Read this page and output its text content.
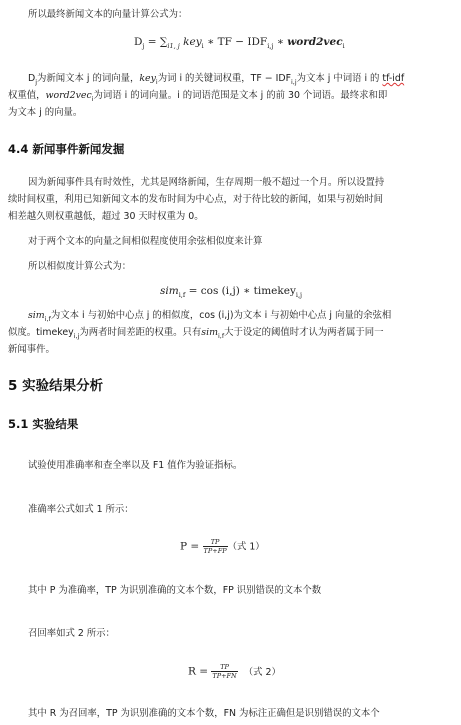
所以最终新闻文本的向量计算公式为：
$D_j = \sum_{i1, j}$ key$_i$ ∗ TF − $IDF_{i,j}$ ∗ word2vec$_i$
$D_j$为新闻文本 j 的词向量，key$_i$为词 i 的关键词权重，TF − $IDF_{i,j}$为文本 j 中词语 i 的 tf-idf
权重值，word2vec$_i$为词语 i 的词向量。i 的词语范围是文本 j 的前 30 个词语。最终求和即
为文本 j 的向量。
4.4 新闻事件新闻发掘
因为新闻事件具有时效性，尤其是网络新闻，生存周期一般不超过一个月。所以设置持
续时间权重，利用已知新闻文本的发布时间为中心点，对于待比较的新闻，如果与初始时间
相差越久则权重越低，超过 30 天时权重为 0。
对于两个文本的向量之间相似程度使用余弦相似度来计算
所以相似度计算公式为：
sim$_{i,f}$ = cos (i,j) ∗ timekey$_{i,j}$
sim$_{i,f}$为文本 i 与初始中心点 j 的相似度，cos (i,j)为文本 i 与初始中心点 j 向量的余弦相
似度。timekey$_{i,j}$为两者时间差距的权重。只有sim$_{i,f}$大于设定的阈值时才认为两者属于同一
新闻事件。
5 实验结果分析
5.1 实验结果
试验使用准确率和查全率以及 F1 值作为验证指标。
准确率公式如式 1 所示：
$P = \frac{TP}{TP+FP}$ （式 1）
其中 P 为准确率，TP 为识别准确的文本个数，FP 识别错误的文本个数
召回率如式 2 所示：
$R = \frac{TP}{TP+FN}$ （式 2）
其中 R 为召回率，TP 为识别准确的文本个数，FN 为标注正确但是识别错误的文本个
